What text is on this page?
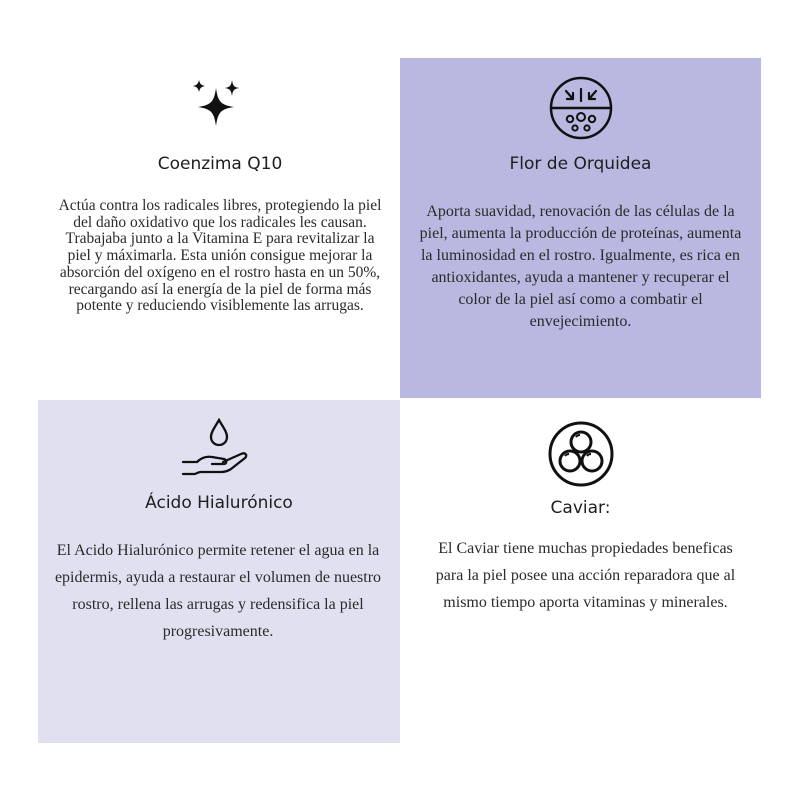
Coenzima Q10
Actúa contra los radicales libres, protegiendo la piel del daño oxidativo que los radicales les causan. Trabajaba junto a la Vitamina E para revitalizar la piel y máximarla. Esta unión consigue mejorar la absorción del oxígeno en el rostro hasta en un 50%, recargando así la energía de la piel de forma más potente y reduciendo visiblemente las arrugas.
Flor de Orquidea
Aporta suavidad, renovación de las células de la piel, aumenta la producción de proteínas, aumenta la luminosidad en el rostro. Igualmente, es rica en antioxidantes, ayuda a mantener y recuperar el color de la piel así como a combatir el envejecimiento.
Ácido Hialurónico
El Acido Hialurónico permite retener el agua en la epidermis, ayuda a restaurar el volumen de nuestro rostro, rellena las arrugas y redensifica la piel progresivamente.
Caviar:
El Caviar tiene muchas propiedades beneficas para la piel posee una acción reparadora que al mismo tiempo aporta vitaminas y minerales.
